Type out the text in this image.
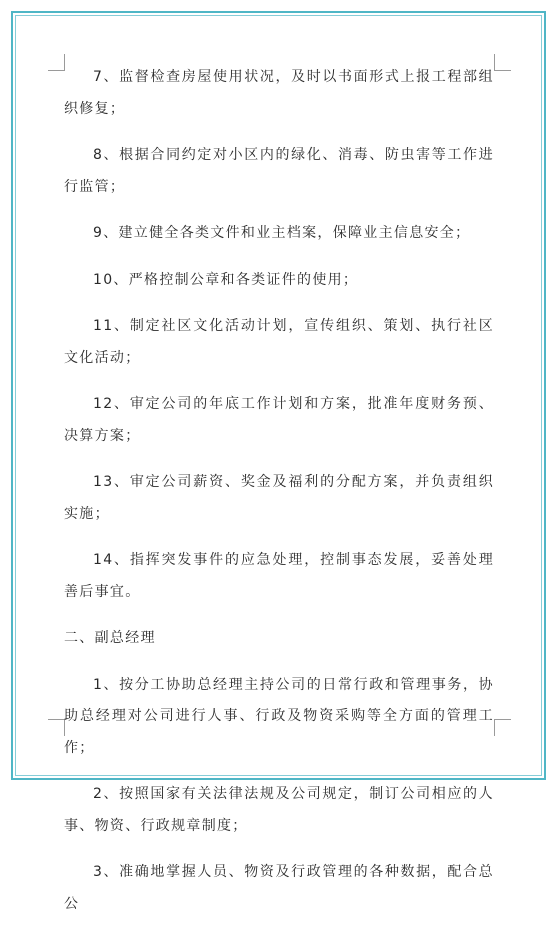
7、监督检查房屋使用状况，及时以书面形式上报工程部组织修复；

8、根据合同约定对小区内的绿化、消毒、防虫害等工作进行监管；

9、建立健全各类文件和业主档案，保障业主信息安全；

10、严格控制公章和各类证件的使用；

11、制定社区文化活动计划，宣传组织、策划、执行社区文化活动；

12、审定公司的年底工作计划和方案，批准年度财务预、决算方案；

13、审定公司薪资、奖金及福利的分配方案，并负责组织实施；

14、指挥突发事件的应急处理，控制事态发展，妥善处理善后事宜。

二、副总经理

1、按分工协助总经理主持公司的日常行政和管理事务，协助总经理对公司进行人事、行政及物资采购等全方面的管理工作；

2、按照国家有关法律法规及公司规定，制订公司相应的人事、物资、行政规章制度；

3、准确地掌握人员、物资及行政管理的各种数据，配合总公
